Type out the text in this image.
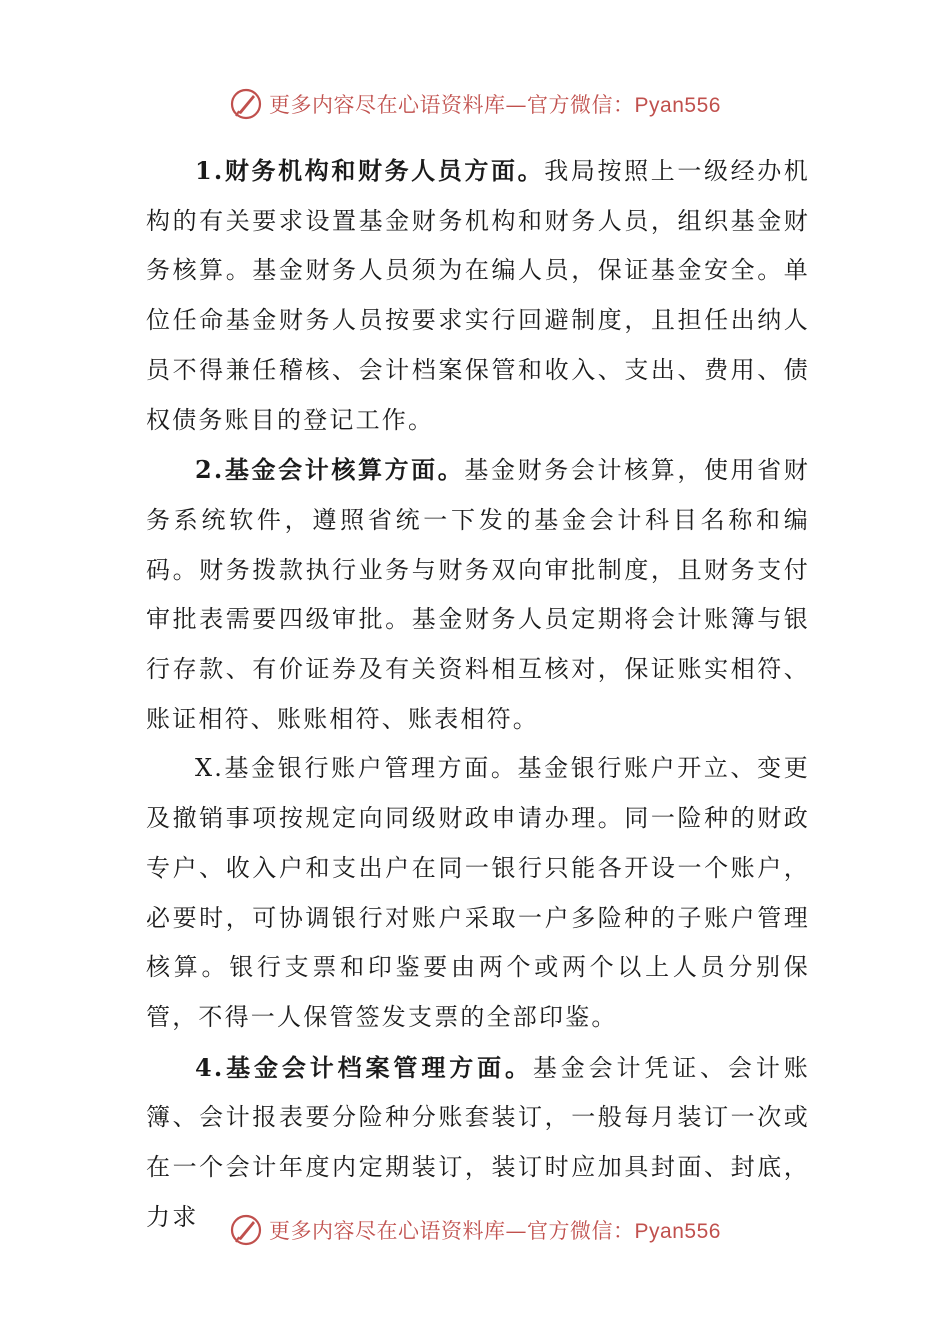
更多内容尽在心语资料库—官方微信：Pyan556

1.财务机构和财务人员方面。我局按照上一级经办机构的有关要求设置基金财务机构和财务人员，组织基金财务核算。基金财务人员须为在编人员，保证基金安全。单位任命基金财务人员按要求实行回避制度，且担任出纳人员不得兼任稽核、会计档案保管和收入、支出、费用、债权债务账目的登记工作。

2.基金会计核算方面。基金财务会计核算，使用省财务系统软件，遵照省统一下发的基金会计科目名称和编码。财务拨款执行业务与财务双向审批制度，且财务支付审批表需要四级审批。基金财务人员定期将会计账簿与银行存款、有价证券及有关资料相互核对，保证账实相符、账证相符、账账相符、账表相符。

X.基金银行账户管理方面。基金银行账户开立、变更及撤销事项按规定向同级财政申请办理。同一险种的财政专户、收入户和支出户在同一银行只能各开设一个账户，必要时，可协调银行对账户采取一户多险种的子账户管理核算。银行支票和印鉴要由两个或两个以上人员分别保管，不得一人保管签发支票的全部印鉴。

4.基金会计档案管理方面。基金会计凭证、会计账簿、会计报表要分险种分账套装订，一般每月装订一次或在一个会计年度内定期装订，装订时应加具封面、封底，力求

更多内容尽在心语资料库—官方微信：Pyan556
